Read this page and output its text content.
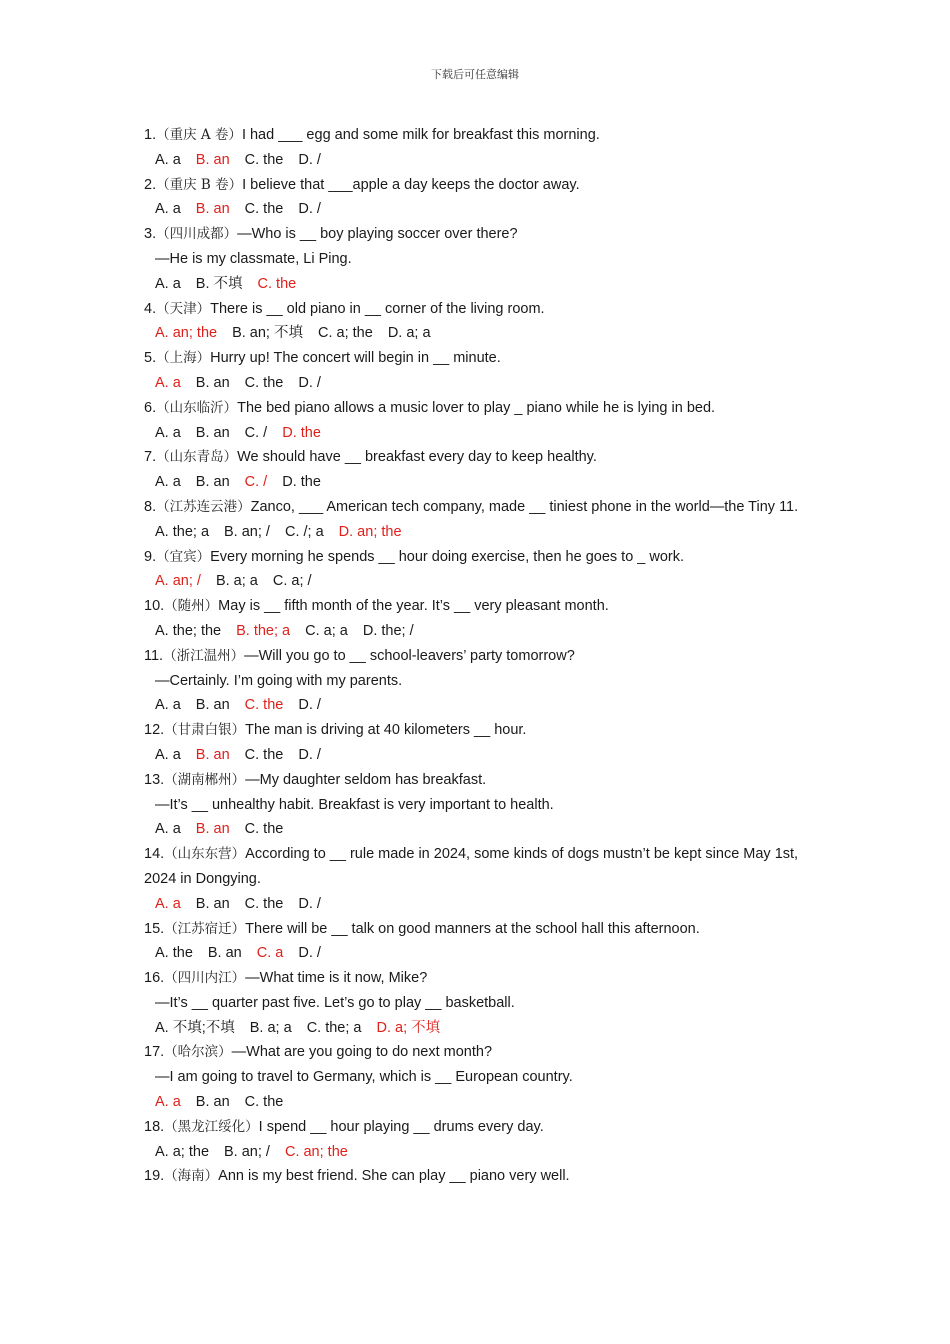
下载后可任意编辑
1.（重庆 A 卷）I had ___ egg and some milk for breakfast this morning.
A. a B. an C. the D. /
2.（重庆 B 卷）I believe that ___apple a day keeps the doctor away.
A. a B. an C. the D. /
3.（四川成都）—Who is __ boy playing soccer over there?
—He is my classmate, Li Ping.
A. a B. 不填 C. the
4.（天津）There is __ old piano in __ corner of the living room.
A. an; the B. an; 不填 C. a; the D. a; a
5.（上海）Hurry up! The concert will begin in __ minute.
A. a B. an C. the D. /
6.（山东临沂）The bed piano allows a music lover to play _ piano while he is lying in bed.
A. a B. an C. / D. the
7.（山东青岛）We should have __ breakfast every day to keep healthy.
A. a B. an C. / D. the
8.（江苏连云港）Zanco, ___ American tech company, made __ tiniest phone in the world—the Tiny 11.
A. the; a B. an; / C. /; a D. an; the
9.（宜宾）Every morning he spends __ hour doing exercise, then he goes to _ work.
A. an; / B. a; a C. a; /
10.（随州）May is __ fifth month of the year. It’s __ very pleasant month.
A. the; the B. the; a C. a; a D. the; /
11.（浙江温州）—Will you go to __ school-leavers’ party tomorrow?
—Certainly. I’m going with my parents.
A. a B. an C. the D. /
12.（甘肃白银）The man is driving at 40 kilometers __ hour.
A. a B. an C. the D. /
13.（湖南郴州）—My daughter seldom has breakfast.
—It’s __ unhealthy habit. Breakfast is very important to health.
A. a B. an C. the
14.（山东东营）According to __ rule made in 2024, some kinds of dogs mustn’t be kept since May 1st, 2024 in Dongying.
A. a B. an C. the D. /
15.（江苏宿迁）There will be __ talk on good manners at the school hall this afternoon.
A. the B. an C. a D. /
16.（四川内江）—What time is it now, Mike?
—It’s __ quarter past five. Let’s go to play __ basketball.
A. 不填;不填 B. a; a C. the; a D. a; 不填
17.（哈尔滨）—What are you going to do next month?
—I am going to travel to Germany, which is __ European country.
A. a B. an C. the
18.（黑龙江绥化）I spend __ hour playing __ drums every day.
A. a; the B. an; / C. an; the
19.（海南）Ann is my best friend. She can play __ piano very well.
